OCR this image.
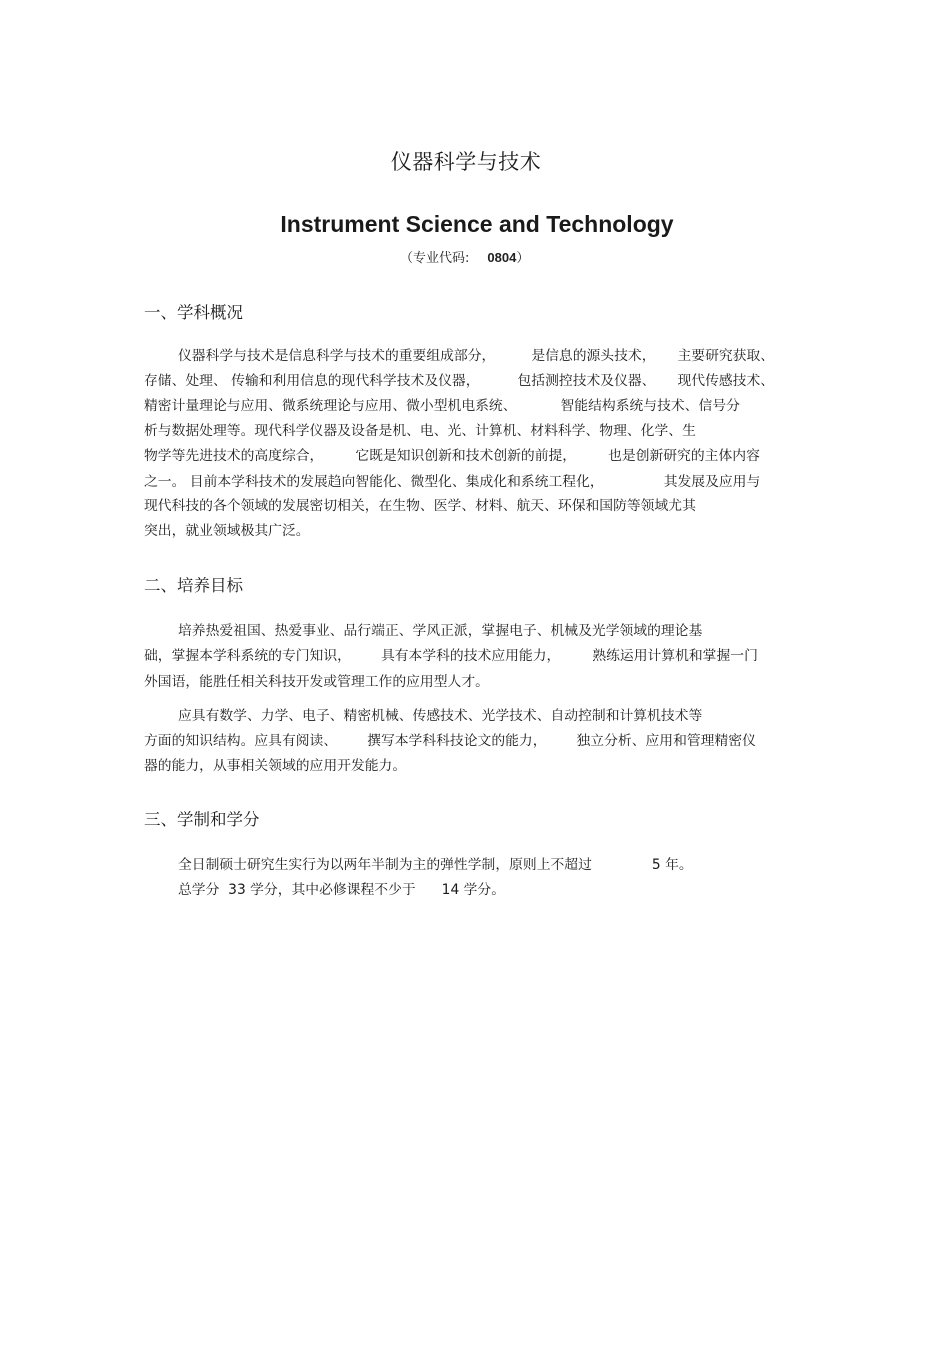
仪器科学与技术
Instrument Science and Technology
（专业代码: 0804）
一、学科概况
仪器科学与技术是信息科学与技术的重要组成部分，	是信息的源头技术， 主要研究获取、
存储、处理、 传输和利用信息的现代科学技术及仪器，	包括测控技术及仪器、 现代传感技术、
精密计量理论与应用、微系统理论与应用、微小型机电系统、	智能结构系统与技术、信号分
析与数据处理等。现代科学仪器及设备是机、电、光、计算机、材料科学、物理、化学、生
物学等先进技术的高度综合， 它既是知识创新和技术创新的前提， 也是创新研究的主体内容
之一。 目前本学科技术的发展趋向智能化、微型化、集成化和系统工程化，	其发展及应用与
现代科技的各个领域的发展密切相关，在生物、医学、材料、航天、环保和国防等领域尤其
突出，就业领域极其广泛。
二、培养目标
培养热爱祖国、热爱事业、品行端正、学风正派，掌握电子、机械及光学领域的理论基
础，掌握本学科系统的专门知识， 具有本学科的技术应用能力， 熟练运用计算机和掌握一门
外国语，能胜任相关科技开发或管理工作的应用型人才。
应具有数学、力学、电子、精密机械、传感技术、光学技术、自动控制和计算机技术等
方面的知识结构。应具有阅读、 撰写本学科科技论文的能力， 独立分析、应用和管理精密仪
器的能力，从事相关领域的应用开发能力。
三、学制和学分
全日制硕士研究生实行为以两年半制为主的弹性学制，原则上不超过	5 年。
总学分  33 学分，其中必修课程不少于 14 学分。
